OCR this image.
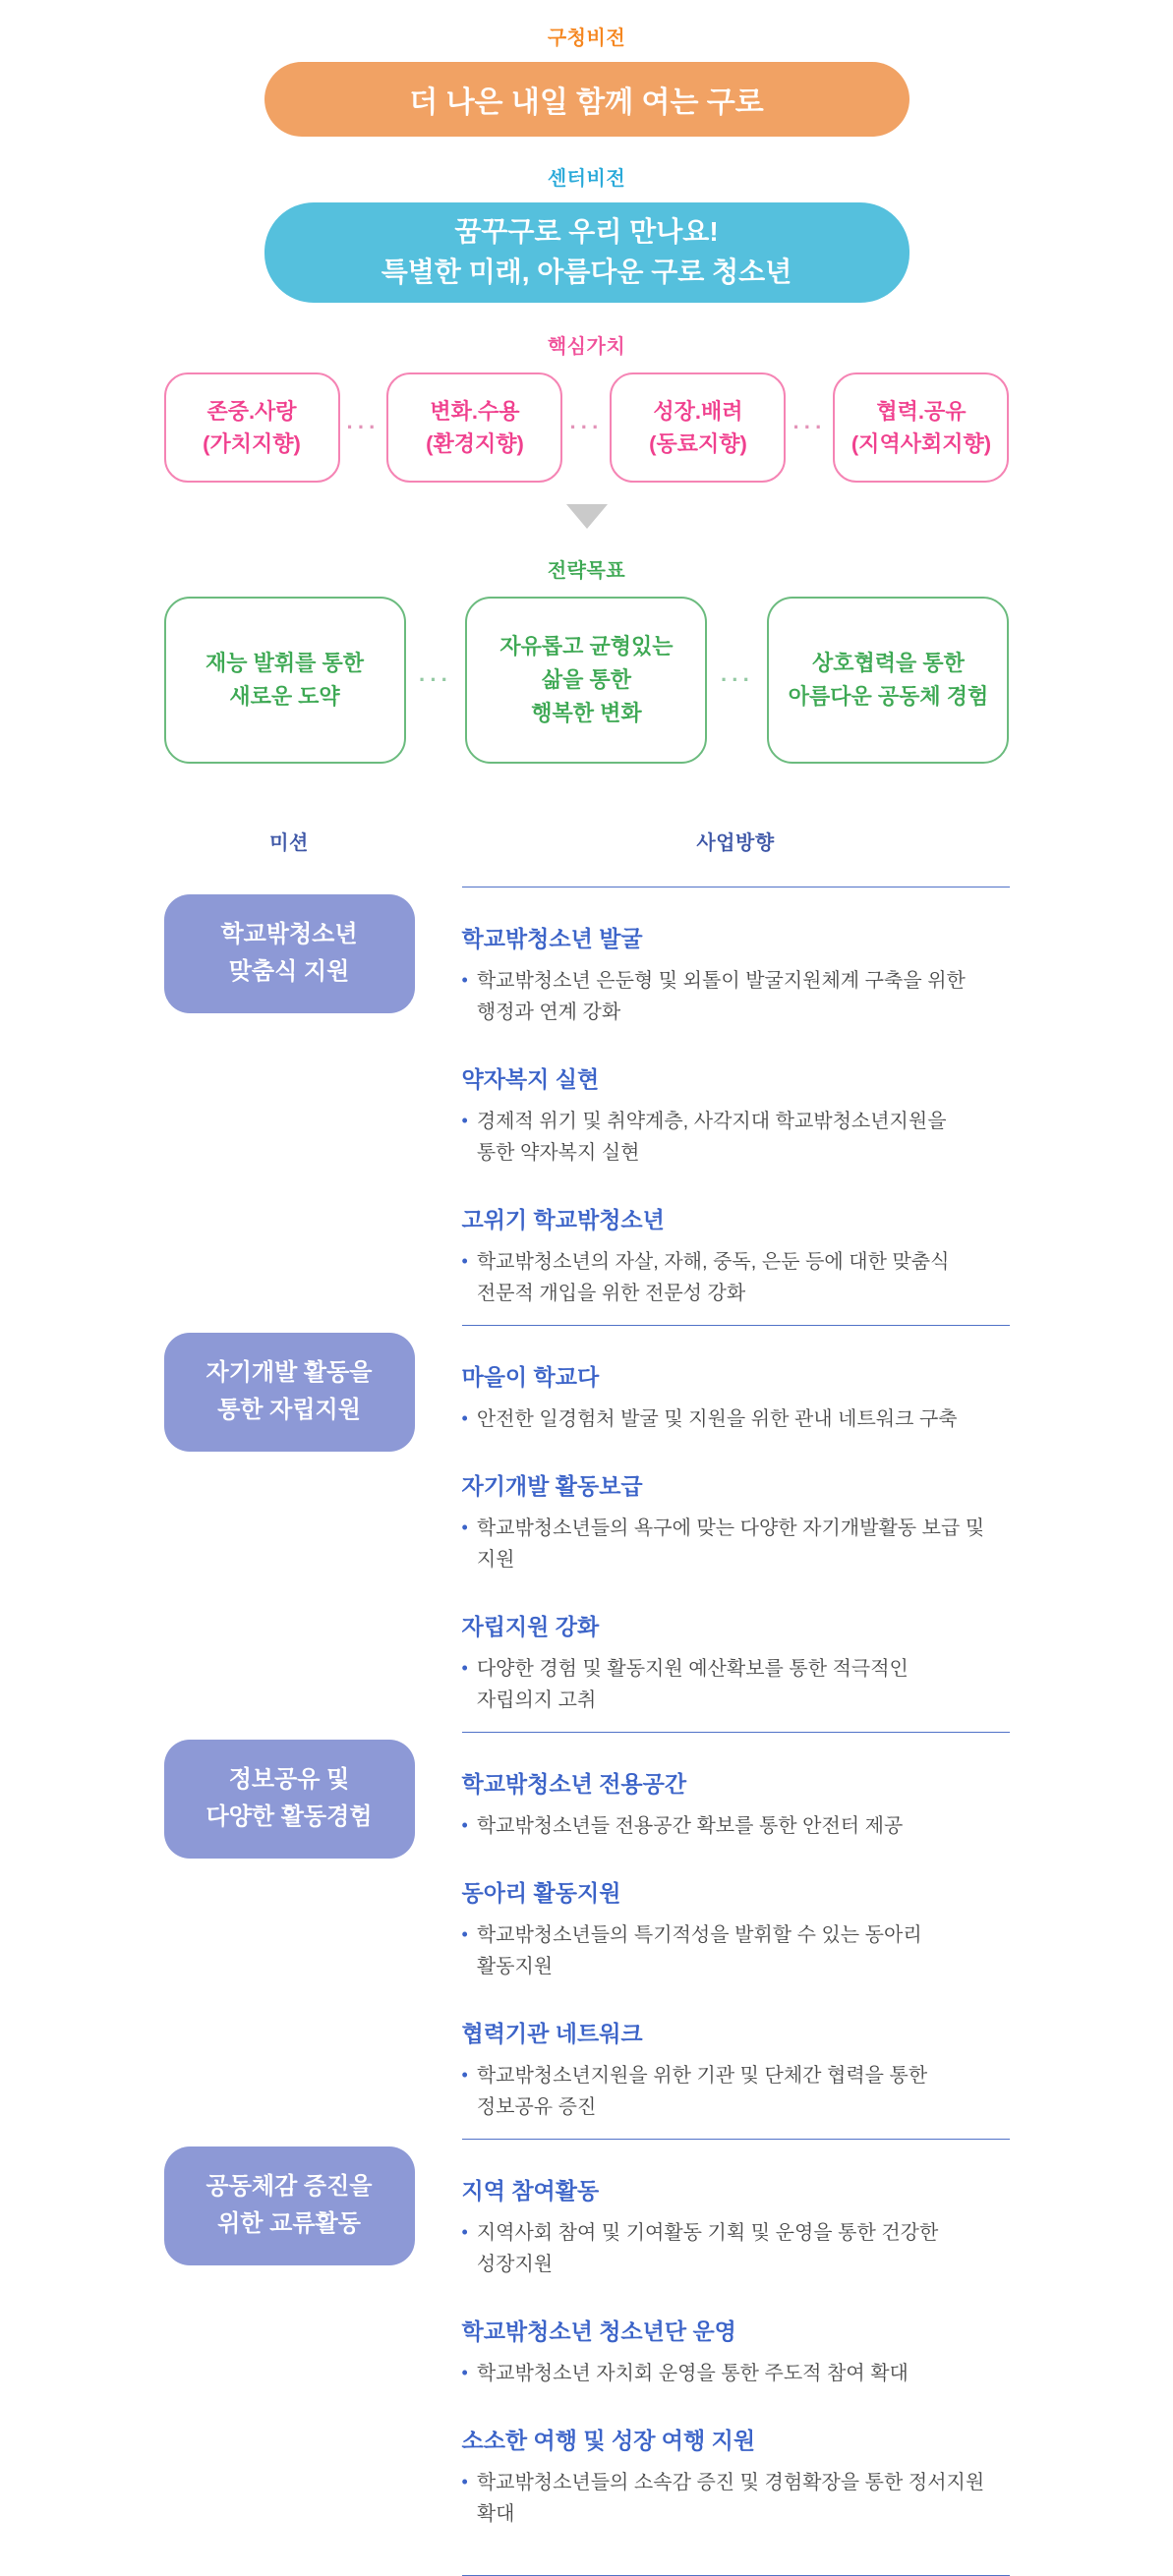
구청비전
더 나은 내일 함께 여는 구로
센터비전
꿈꾸구로 우리 만나요!
특별한 미래, 아름다운 구로 청소년
핵심가치
존중.사랑
(가치지향)
···
변화.수용
(환경지향)
···
성장.배려
(동료지향)
···
협력.공유
(지역사회지향)
전략목표
재능 발휘를 통한
새로운 도약
···
자유롭고 균형있는
삶을 통한
행복한 변화
···
상호협력을 통한
아름다운 공동체 경험
미션	사업방향
학교밖청소년
맞춤식 지원
학교밖청소년 발굴
• 학교밖청소년 은둔형 및 외톨이 발굴지원체계 구축을 위한 행정과 연계 강화
약자복지 실현
• 경제적 위기 및 취약계층, 사각지대 학교밖청소년지원을 통한 약자복지 실현
고위기 학교밖청소년
• 학교밖청소년의 자살, 자해, 중독, 은둔 등에 대한 맞춤식 전문적 개입을 위한 전문성 강화
자기개발 활동을
통한 자립지원
마을이 학교다
• 안전한 일경험처 발굴 및 지원을 위한 관내 네트워크 구축
자기개발 활동보급
• 학교밖청소년들의 욕구에 맞는 다양한 자기개발활동 보급 및 지원
자립지원 강화
• 다양한 경험 및 활동지원 예산확보를 통한 적극적인 자립의지 고취
정보공유 및
다양한 활동경험
학교밖청소년 전용공간
• 학교밖청소년들 전용공간 확보를 통한 안전터 제공
동아리 활동지원
• 학교밖청소년들의 특기적성을 발휘할 수 있는 동아리 활동지원
협력기관 네트워크
• 학교밖청소년지원을 위한 기관 및 단체간 협력을 통한 정보공유 증진
공동체감 증진을
위한 교류활동
지역 참여활동
• 지역사회 참여 및 기여활동 기획 및 운영을 통한 건강한 성장지원
학교밖청소년 청소년단 운영
• 학교밖청소년 자치회 운영을 통한 주도적 참여 확대
소소한 여행 및 성장 여행 지원
• 학교밖청소년들의 소속감 증진 및 경험확장을 통한 정서지원 확대
